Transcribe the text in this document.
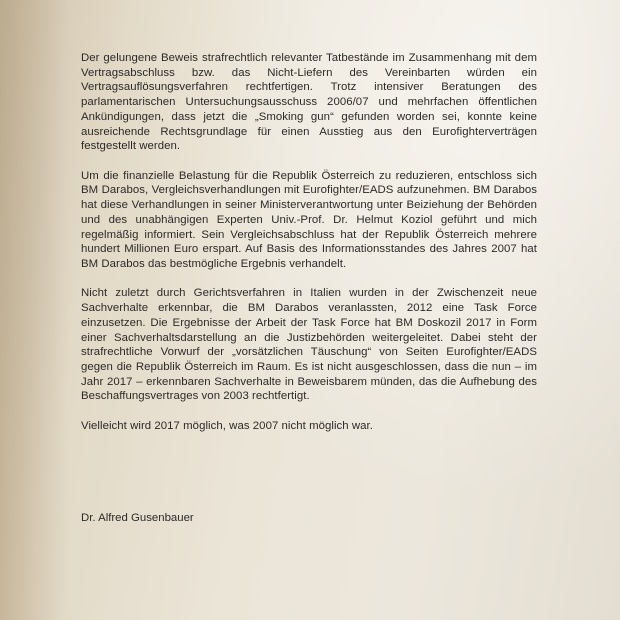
Der gelungene Beweis strafrechtlich relevanter Tatbestände im Zusammenhang mit dem Vertragsabschluss bzw. das Nicht-Liefern des Vereinbarten würden ein Vertragsauflösungsverfahren rechtfertigen. Trotz intensiver Beratungen des parlamentarischen Untersuchungsausschuss 2006/07 und mehrfachen öffentlichen Ankündigungen, dass jetzt die „Smoking gun“ gefunden worden sei, konnte keine ausreichende Rechtsgrundlage für einen Ausstieg aus den Eurofighterverträgen festgestellt werden.

Um die finanzielle Belastung für die Republik Österreich zu reduzieren, entschloss sich BM Darabos, Vergleichsverhandlungen mit Eurofighter/EADS aufzunehmen. BM Darabos hat diese Verhandlungen in seiner Ministerverantwortung unter Beiziehung der Behörden und des unabhängigen Experten Univ.-Prof. Dr. Helmut Koziol geführt und mich regelmäßig informiert. Sein Vergleichsabschluss hat der Republik Österreich mehrere hundert Millionen Euro erspart. Auf Basis des Informationsstandes des Jahres 2007 hat BM Darabos das bestmögliche Ergebnis verhandelt.

Nicht zuletzt durch Gerichtsverfahren in Italien wurden in der Zwischenzeit neue Sachverhalte erkennbar, die BM Darabos veranlassten, 2012 eine Task Force einzusetzen. Die Ergebnisse der Arbeit der Task Force hat BM Doskozil 2017 in Form einer Sachverhaltsdarstellung an die Justizbehörden weitergeleitet. Dabei steht der strafrechtliche Vorwurf der „vorsätzlichen Täuschung“ von Seiten Eurofighter/EADS gegen die Republik Österreich im Raum. Es ist nicht ausgeschlossen, dass die nun – im Jahr 2017 – erkennbaren Sachverhalte in Beweisbarem münden, das die Aufhebung des Beschaffungsvertrages von 2003 rechtfertigt.

Vielleicht wird 2017 möglich, was 2007 nicht möglich war.

Dr. Alfred Gusenbauer
